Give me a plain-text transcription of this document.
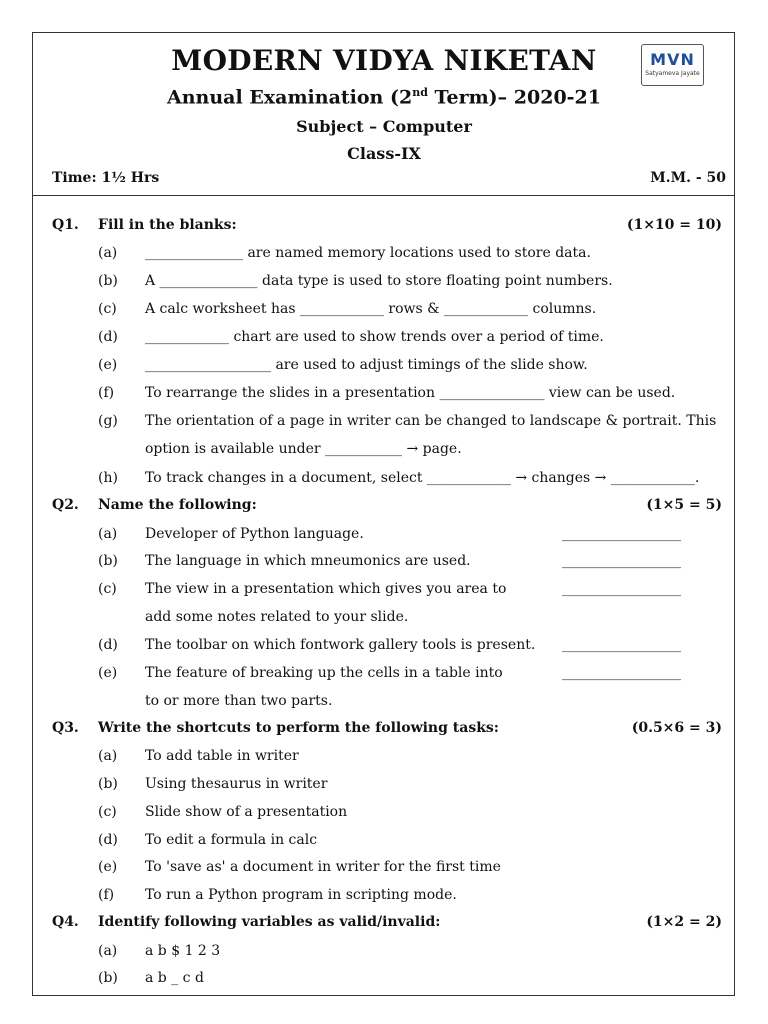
MVN
Satyameva Jayate
MODERN VIDYA NIKETAN
Annual Examination (2nd Term)– 2020-21
Subject – Computer
Class-IX
Time: 1½ Hrs	M.M. - 50
Q1. Fill in the blanks:	(1×10 = 10)
(a) ______________ are named memory locations used to store data.
(b) A ______________ data type is used to store floating point numbers.
(c) A calc worksheet has ____________ rows & ____________ columns.
(d) ____________ chart are used to show trends over a period of time.
(e) __________________ are used to adjust timings of the slide show.
(f) To rearrange the slides in a presentation _______________ view can be used.
(g) The orientation of a page in writer can be changed to landscape & portrait. This
option is available under ___________ → page.
(h) To track changes in a document, select ____________ → changes → ____________.
Q2. Name the following:	(1×5 = 5)
(a) Developer of Python language.	_________________
(b) The language in which mneumonics are used.	_________________
(c) The view in a presentation which gives you area to	_________________
add some notes related to your slide.
(d) The toolbar on which fontwork gallery tools is present. _________________
(e) The feature of breaking up the cells in a table into	_________________
to or more than two parts.
Q3. Write the shortcuts to perform the following tasks:	(0.5×6 = 3)
(a) To add table in writer
(b) Using thesaurus in writer
(c) Slide show of a presentation
(d) To edit a formula in calc
(e) To 'save as' a document in writer for the first time
(f) To run a Python program in scripting mode.
Q4. Identify following variables as valid/invalid:	(1×2 = 2)
(a) a b $ 1 2 3
(b) a b _ c d
